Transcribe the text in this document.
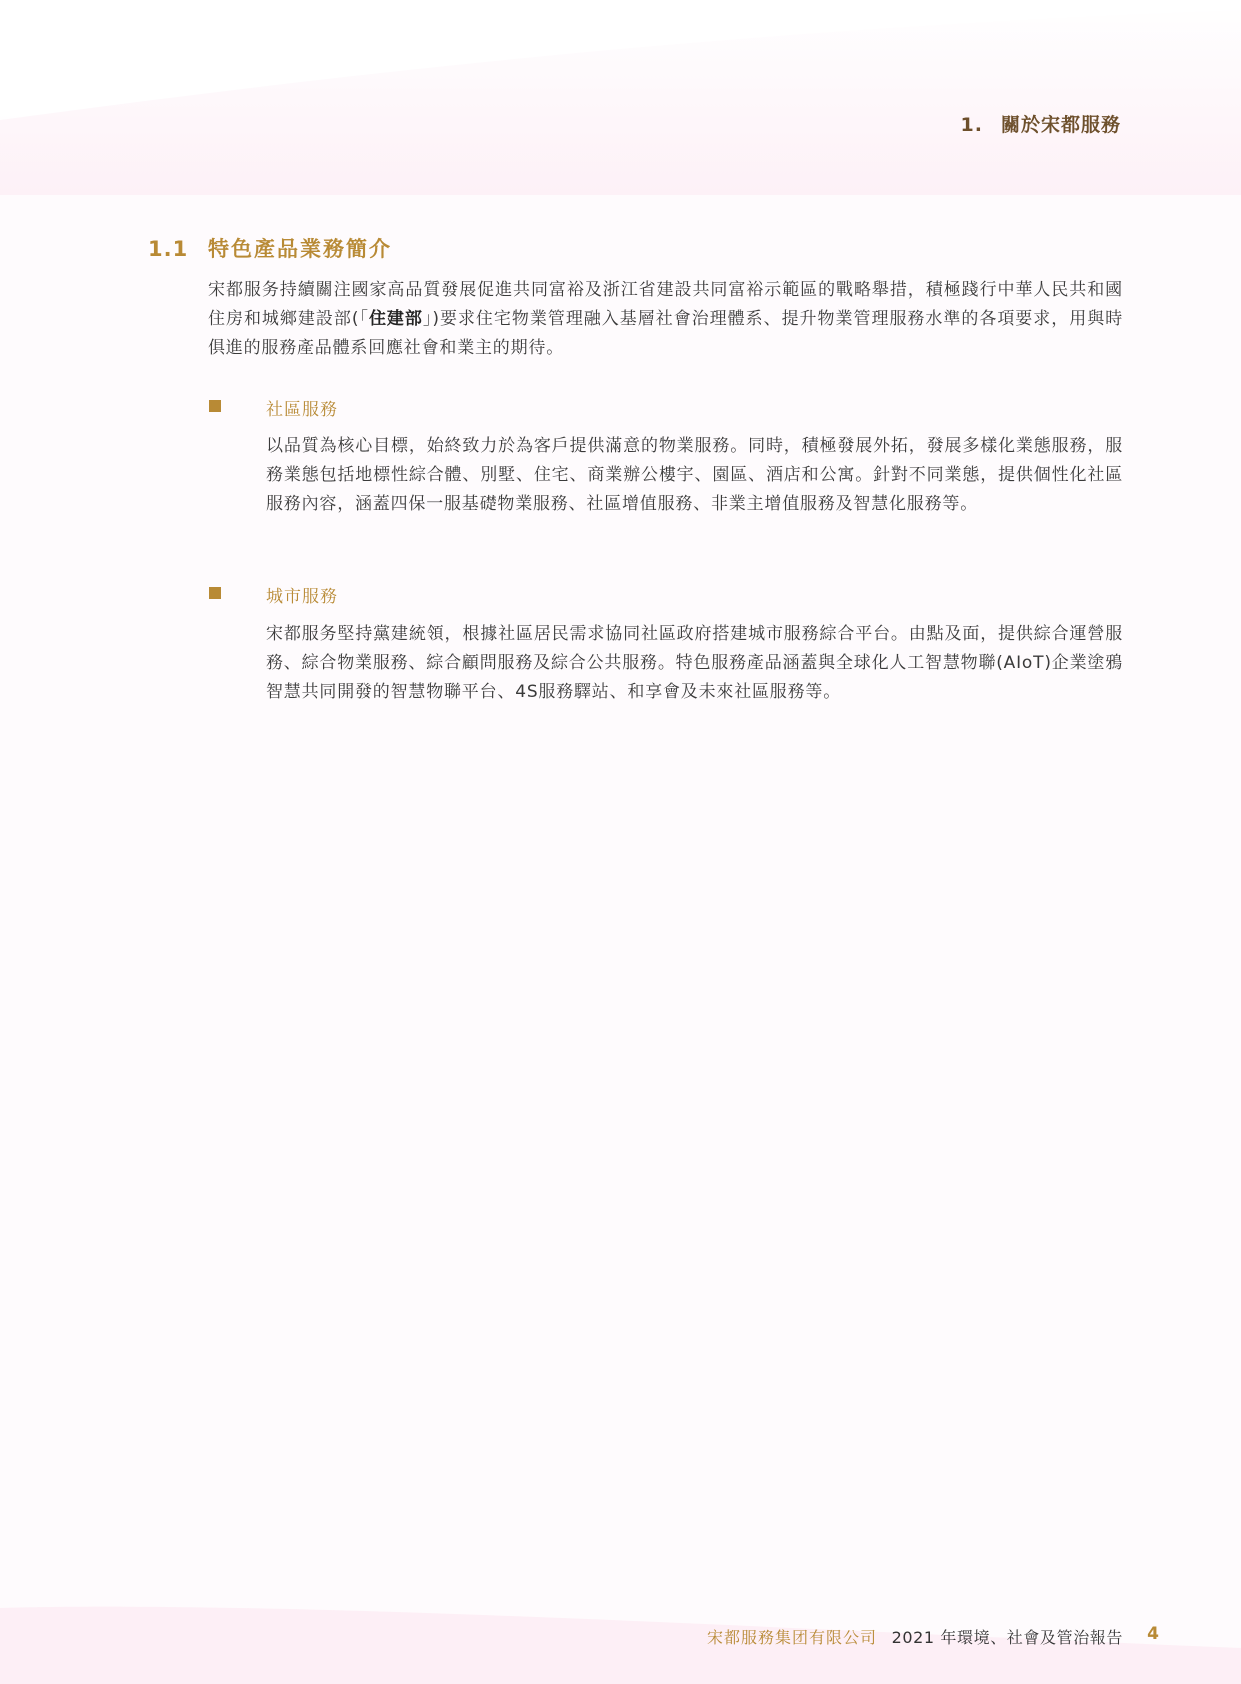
1. 關於宋都服務
1.1 特色產品業務簡介
宋都服务持續關注國家高品質發展促進共同富裕及浙江省建設共同富裕示範區的戰略舉措，積極踐行中華人民共和國住房和城鄉建設部(「住建部」)要求住宅物業管理融入基層社會治理體系、提升物業管理服務水準的各項要求，用與時俱進的服務產品體系回應社會和業主的期待。
社區服務
以品質為核心目標，始終致力於為客戶提供滿意的物業服務。同時，積極發展外拓，發展多樣化業態服務，服務業態包括地標性綜合體、別墅、住宅、商業辦公樓宇、園區、酒店和公寓。針對不同業態，提供個性化社區服務內容，涵蓋四保一服基礎物業服務、社區增值服務、非業主增值服務及智慧化服務等。
城市服務
宋都服务堅持黨建統領，根據社區居民需求協同社區政府搭建城市服務綜合平台。由點及面，提供綜合運營服務、綜合物業服務、綜合顧問服務及綜合公共服務。特色服務產品涵蓋與全球化人工智慧物聯(AIoT)企業塗鴉智慧共同開發的智慧物聯平台、4S服務驛站、和享會及未來社區服務等。
宋都服務集团有限公司 2021 年環境、社會及管治報告 4
